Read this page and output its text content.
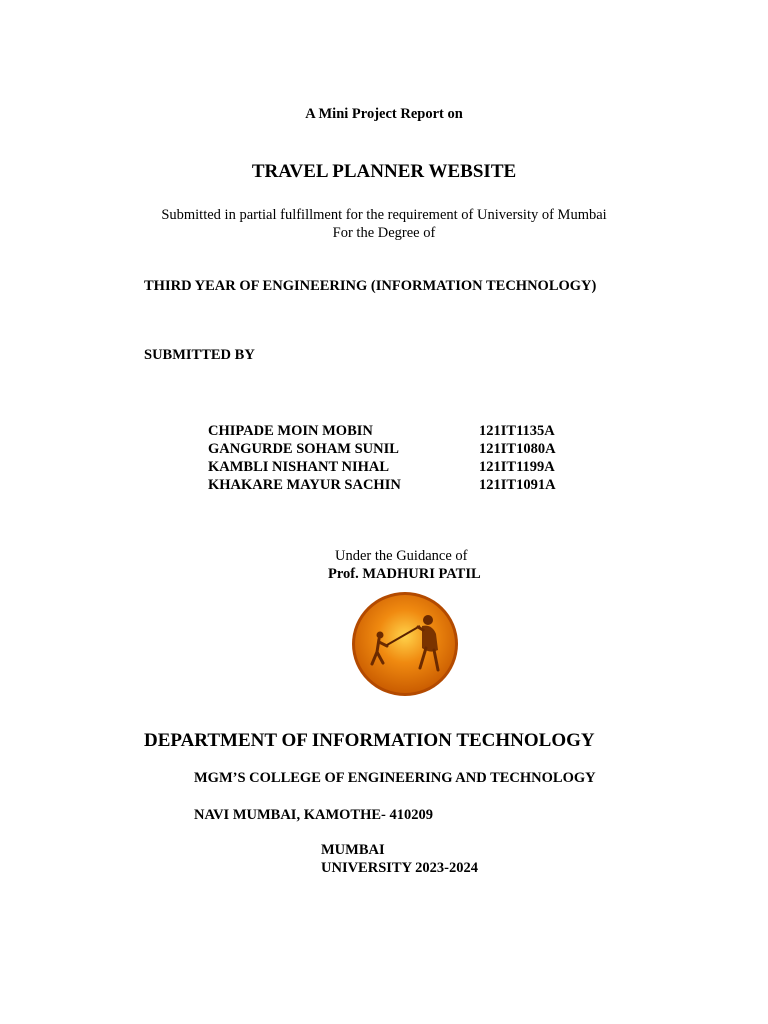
A Mini Project Report on

TRAVEL PLANNER WEBSITE

Submitted in partial fulfillment for the requirement of University of Mumbai

For the Degree of

THIRD YEAR OF ENGINEERING (INFORMATION TECHNOLOGY)

SUBMITTED BY

CHIPADE MOIN MOBIN	121IT1135A
GANGURDE SOHAM SUNIL	121IT1080A
KAMBLI NISHANT NIHAL	121IT1199A
KHAKARE MAYUR SACHIN	121IT1091A

Under the Guidance of

Prof. MADHURI PATIL

DEPARTMENT OF INFORMATION TECHNOLOGY

MGM’S COLLEGE OF ENGINEERING AND TECHNOLOGY

NAVI MUMBAI, KAMOTHE- 410209

MUMBAI

UNIVERSITY 2023-2024
